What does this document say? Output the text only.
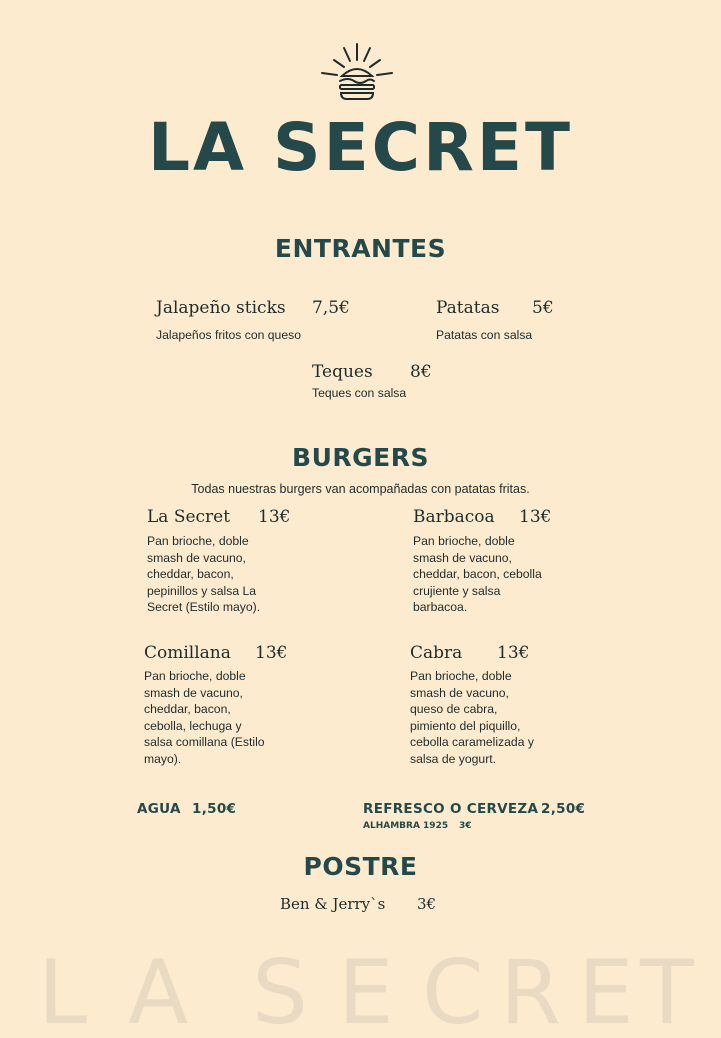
LA SECRET
ENTRANTES
Jalapeño sticks 7,5€
Jalapeños fritos con queso
Patatas 5€
Patatas con salsa
Teques 8€
Teques con salsa
BURGERS
Todas nuestras burgers van acompañadas con patatas fritas.
La Secret 13€
Pan brioche, doble
smash de vacuno,
cheddar, bacon,
pepinillos y salsa La
Secret (Estilo mayo).
Barbacoa 13€
Pan brioche, doble
smash de vacuno,
cheddar, bacon, cebolla
crujiente y salsa
barbacoa.
Comillana 13€
Pan brioche, doble
smash de vacuno,
cheddar, bacon,
cebolla, lechuga y
salsa comillana (Estilo
mayo).
Cabra 13€
Pan brioche, doble
smash de vacuno,
queso de cabra,
pimiento del piquillo,
cebolla caramelizada y
salsa de yogurt.
AGUA 1,50€	REFRESCO O CERVEZA 2,50€
ALHAMBRA 1925 3€
POSTRE
Ben & Jerry`s 3€
L A S E C R E T
